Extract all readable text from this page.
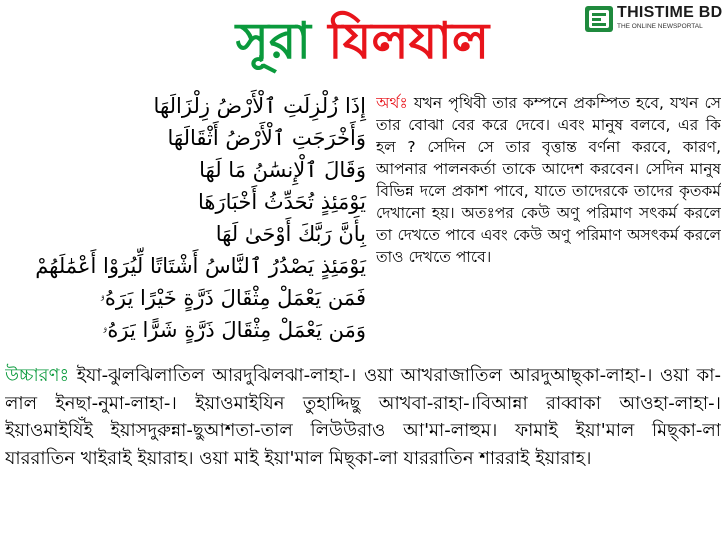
সূরা যিলযাল	THISTIME BD
THE ONLINE NEWSPORTAL
إِذَا زُلْزِلَتِ ٱلْأَرْضُ زِلْزَالَهَا
وَأَخْرَجَتِ ٱلْأَرْضُ أَثْقَالَهَا
وَقَالَ ٱلْإِنسَٰنُ مَا لَهَا
يَوْمَئِذٍ تُحَدِّثُ أَخْبَارَهَا
بِأَنَّ رَبَّكَ أَوْحَىٰ لَهَا
يَوْمَئِذٍ يَصْدُرُ ٱلنَّاسُ أَشْتَاتًا لِّيُرَوْا أَعْمَٰلَهُمْ
فَمَن يَعْمَلْ مِثْقَالَ ذَرَّةٍ خَيْرًا يَرَهُۥ
وَمَن يَعْمَلْ مِثْقَالَ ذَرَّةٍ شَرًّا يَرَهُۥ
অর্থঃ যখন পৃথিবী তার কম্পনে প্রকম্পিত হবে, যখন সে তার বোঝা বের করে দেবে। এবং মানুষ বলবে, এর কি হল ? সেদিন সে তার বৃত্তান্ত বর্ণনা করবে, কারণ, আপনার পালনকর্তা তাকে আদেশ করবেন। সেদিন মানুষ বিভিন্ন দলে প্রকাশ পাবে, যাতে তাদেরকে তাদের কৃতকর্ম দেখানো হয়। অতঃপর কেউ অণু পরিমাণ সৎকর্ম করলে তা দেখতে পাবে এবং কেউ অণু পরিমাণ অসৎকর্ম করলে তাও দেখতে পাবে।
উচ্চারণঃ ইযা-ঝুলঝিলাতিল আরদুঝিলঝা-লাহা-। ওয়া আখরাজাতিল আরদুআছ্কা-লাহা-। ওয়া কা-লাল ইনছা-নুমা-লাহা-। ইয়াওমাইযিন তুহাদ্দিছু আখবা-রাহা-।বিআন্না রাব্বাকা আওহা-লাহা-। ইয়াওমাইযিঁই ইয়াসদুরুন্না-ছুআশতা-তাল লিউউরাও আ'মা-লাহুম। ফামাই ইয়া'মাল মিছ্কা-লা যাররাতিন খাইরাই ইয়ারাহ। ওয়া মাই ইয়া'মাল মিছ্কা-লা যাররাতিন শাররাই ইয়ারাহ।
